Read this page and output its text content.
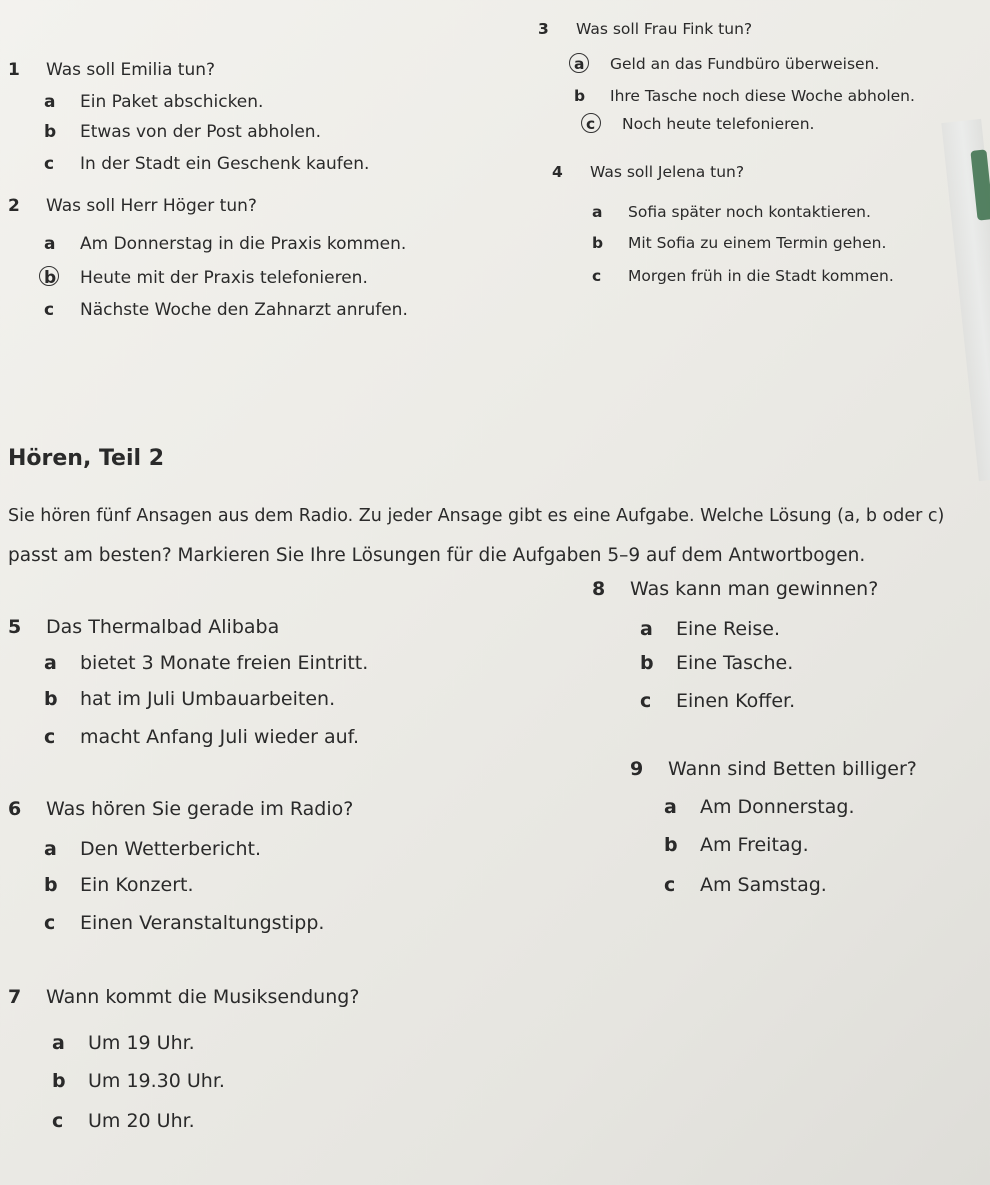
1 Was soll Emilia tun?
a Ein Paket abschicken.
b Etwas von der Post abholen.
c In der Stadt ein Geschenk kaufen.
2 Was soll Herr Höger tun?
a Am Donnerstag in die Praxis kommen.
b Heute mit der Praxis telefonieren.
c Nächste Woche den Zahnarzt anrufen.
3 Was soll Frau Fink tun?
a Geld an das Fundbüro überweisen.
b Ihre Tasche noch diese Woche abholen.
c Noch heute telefonieren.
4 Was soll Jelena tun?
a Sofia später noch kontaktieren.
b Mit Sofia zu einem Termin gehen.
c Morgen früh in die Stadt kommen.
Hören, Teil 2
Sie hören fünf Ansagen aus dem Radio. Zu jeder Ansage gibt es eine Aufgabe. Welche Lösung (a, b oder c)
passt am besten? Markieren Sie Ihre Lösungen für die Aufgaben 5–9 auf dem Antwortbogen.
5 Das Thermalbad Alibaba
a bietet 3 Monate freien Eintritt.
b hat im Juli Umbauarbeiten.
c macht Anfang Juli wieder auf.
6 Was hören Sie gerade im Radio?
a Den Wetterbericht.
b Ein Konzert.
c Einen Veranstaltungstipp.
7 Wann kommt die Musiksendung?
a Um 19 Uhr.
b Um 19.30 Uhr.
c Um 20 Uhr.
8 Was kann man gewinnen?
a Eine Reise.
b Eine Tasche.
c Einen Koffer.
9 Wann sind Betten billiger?
a Am Donnerstag.
b Am Freitag.
c Am Samstag.
